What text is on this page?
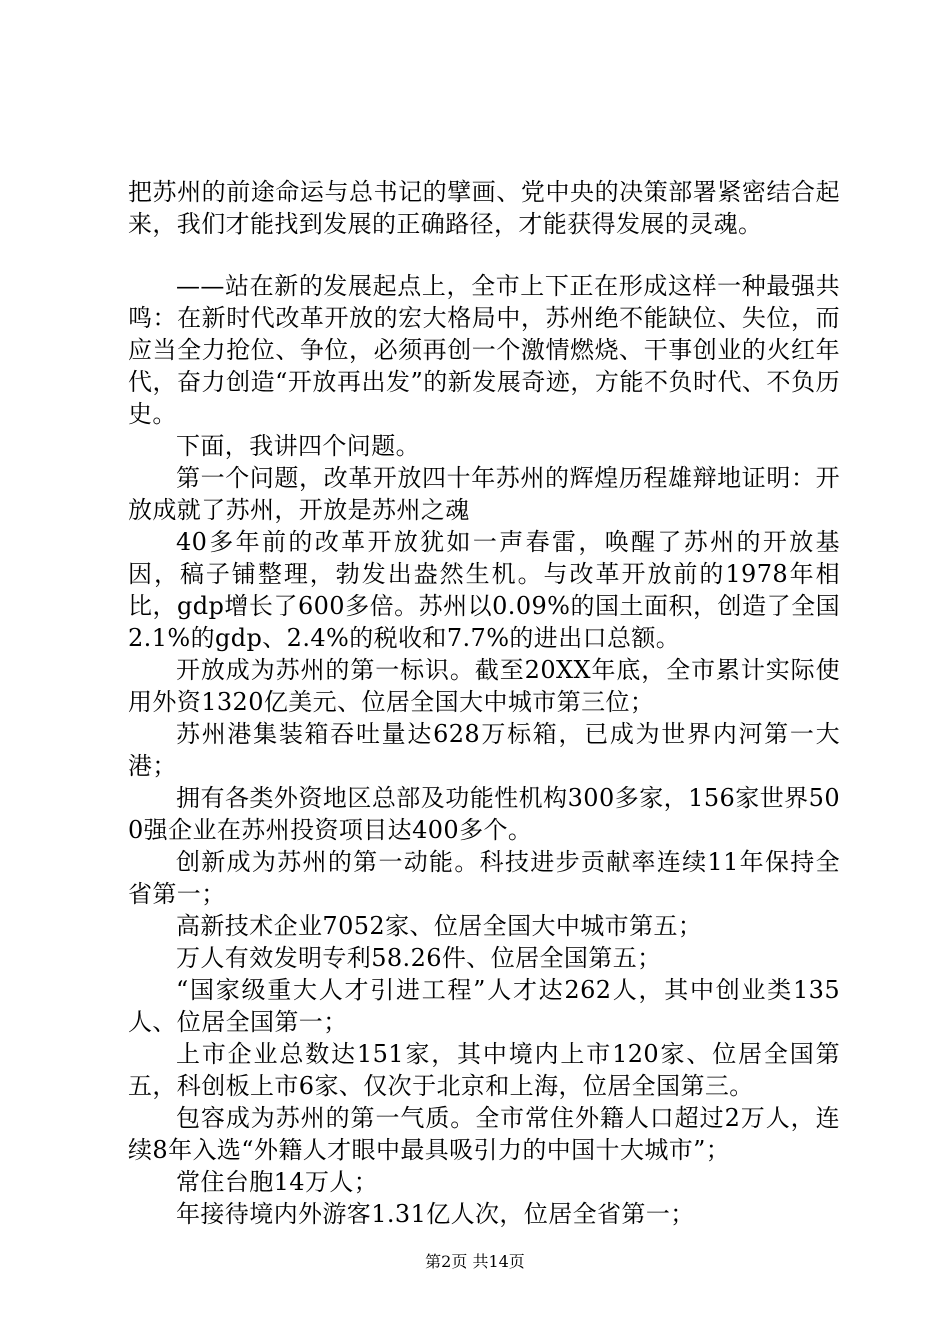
把苏州的前途命运与总书记的擘画、党中央的决策部署紧密结合起来，我们才能找到发展的正确路径，才能获得发展的灵魂。

——站在新的发展起点上，全市上下正在形成这样一种最强共鸣：在新时代改革开放的宏大格局中，苏州绝不能缺位、失位，而应当全力抢位、争位，必须再创一个激情燃烧、干事创业的火红年代，奋力创造“开放再出发”的新发展奇迹，方能不负时代、不负历史。

下面，我讲四个问题。

第一个问题，改革开放四十年苏州的辉煌历程雄辩地证明：开放成就了苏州，开放是苏州之魂

40多年前的改革开放犹如一声春雷，唤醒了苏州的开放基因，稿子铺整理，勃发出盎然生机。与改革开放前的1978年相比，gdp增长了600多倍。苏州以0.09%的国土面积，创造了全国2.1%的gdp、2.4%的税收和7.7%的进出口总额。

开放成为苏州的第一标识。截至20XX年底，全市累计实际使用外资1320亿美元、位居全国大中城市第三位；

苏州港集装箱吞吐量达628万标箱，已成为世界内河第一大港；

拥有各类外资地区总部及功能性机构300多家，156家世界500强企业在苏州投资项目达400多个。

创新成为苏州的第一动能。科技进步贡献率连续11年保持全省第一；

高新技术企业7052家、位居全国大中城市第五；

万人有效发明专利58.26件、位居全国第五；

“国家级重大人才引进工程”人才达262人，其中创业类135人、位居全国第一；

上市企业总数达151家，其中境内上市120家、位居全国第五，科创板上市6家、仅次于北京和上海，位居全国第三。

包容成为苏州的第一气质。全市常住外籍人口超过2万人，连续8年入选“外籍人才眼中最具吸引力的中国十大城市”；

常住台胞14万人；

年接待境内外游客1.31亿人次，位居全省第一；

第2页 共14页
